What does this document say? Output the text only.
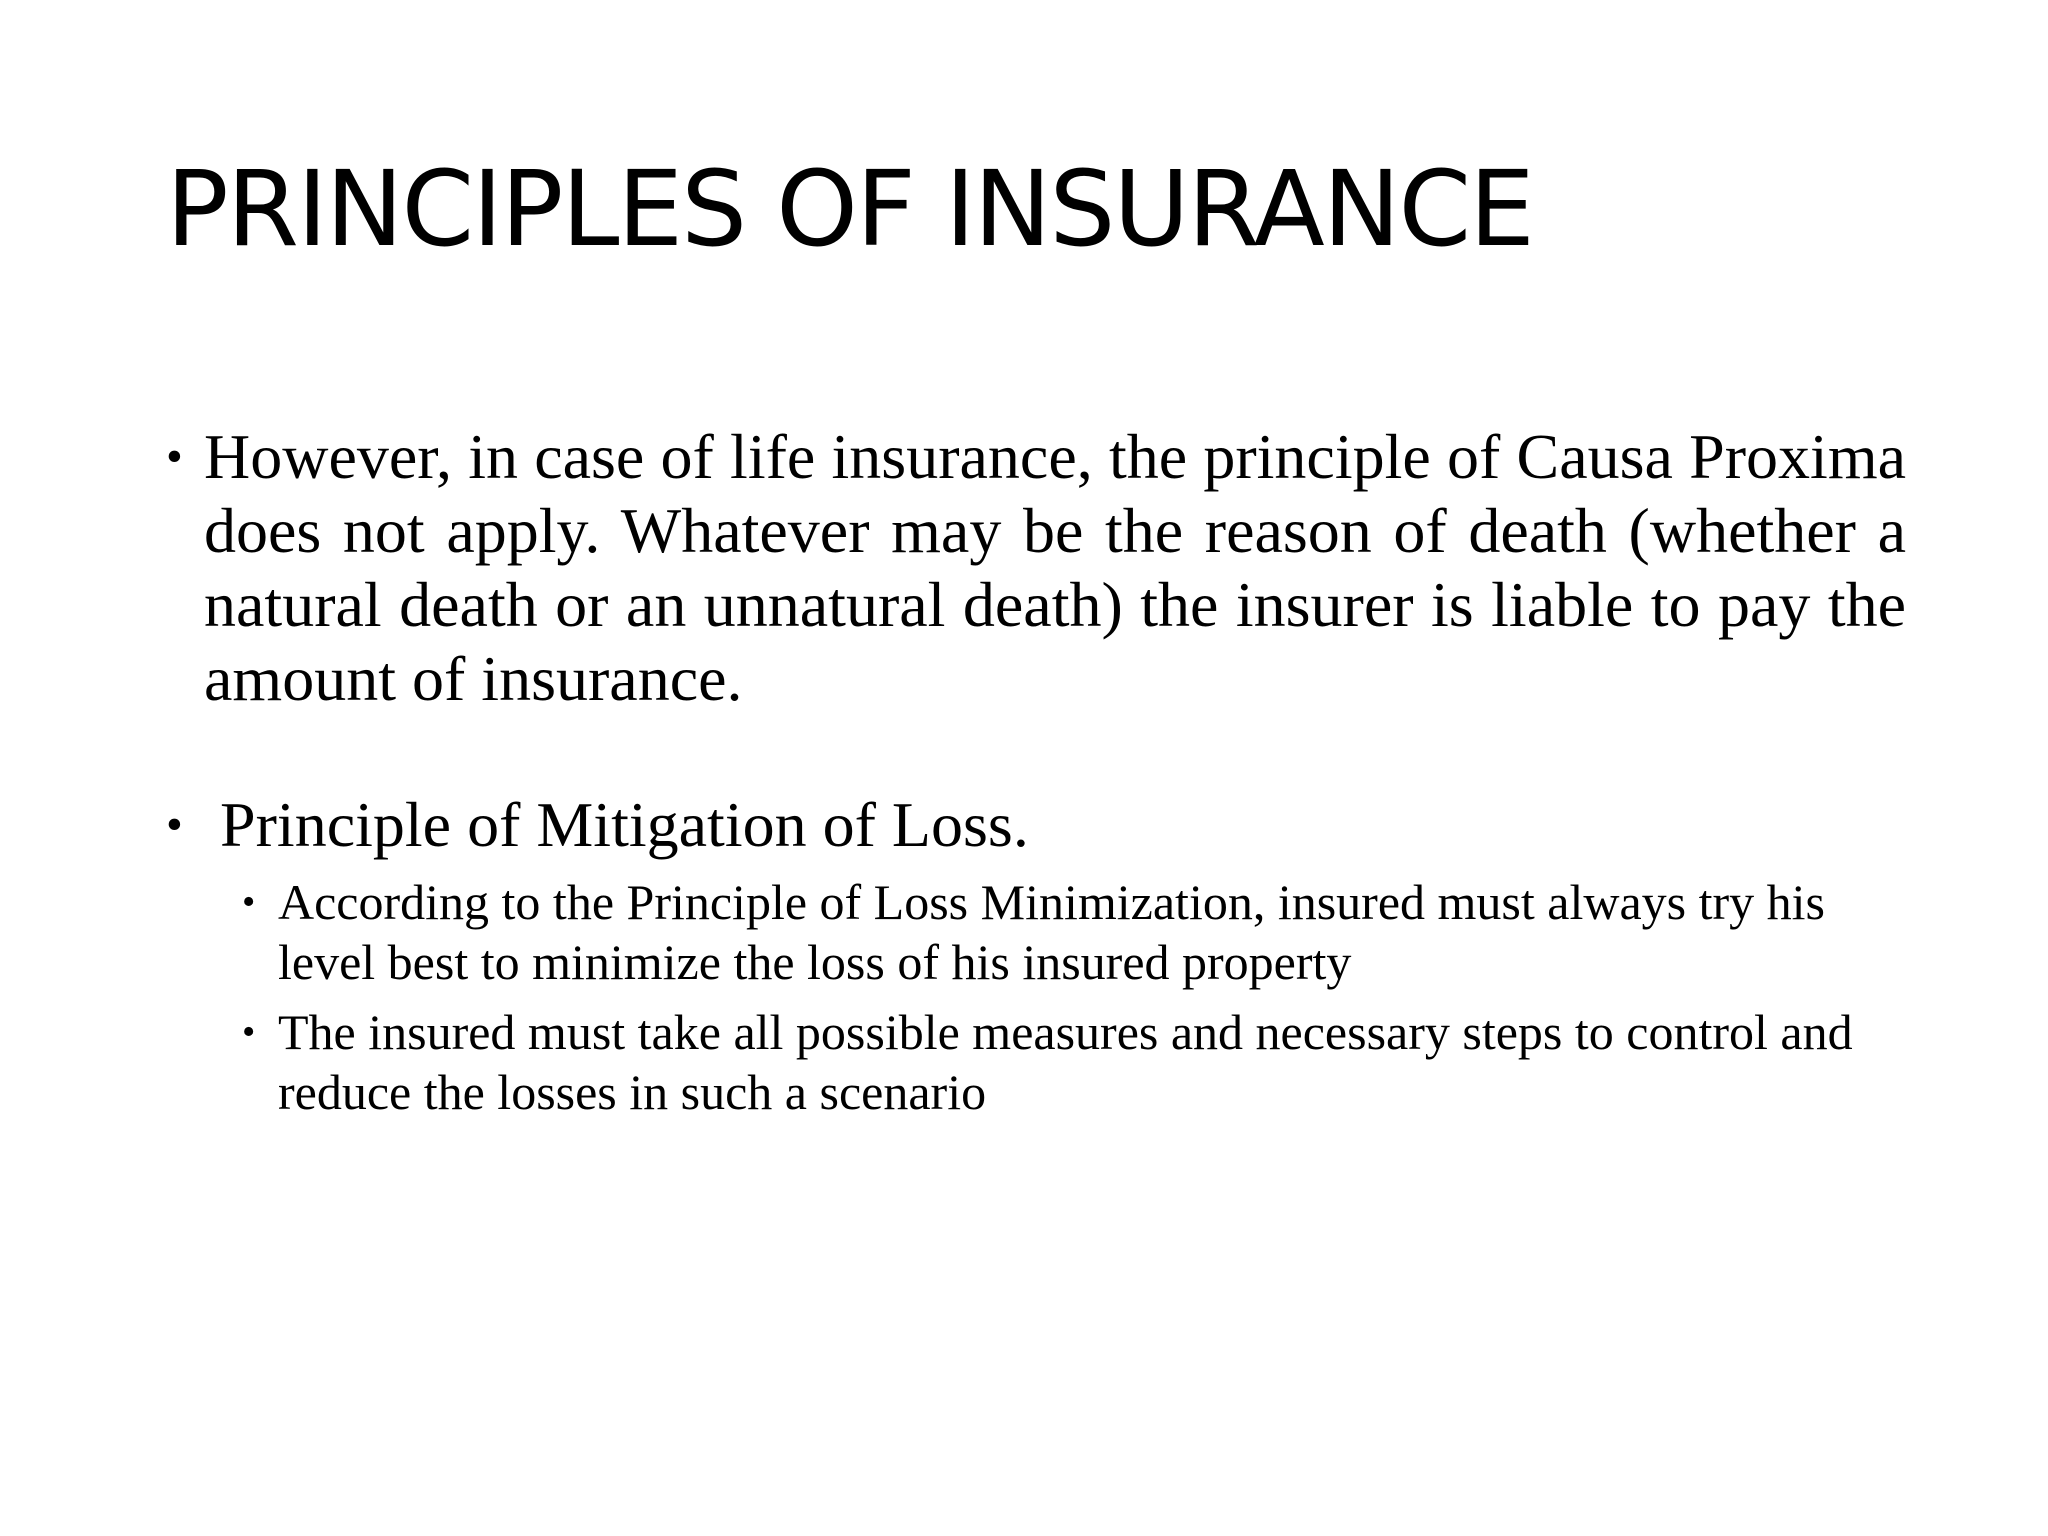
PRINCIPLES OF INSURANCE
• However, in case of life insurance, the principle of Causa Proxima does not apply. Whatever may be the reason of death (whether a natural death or an unnatural death) the insurer is liable to pay the amount of insurance.
• Principle of Mitigation of Loss.
• According to the Principle of Loss Minimization, insured must always try his level best to minimize the loss of his insured property
• The insured must take all possible measures and necessary steps to control and reduce the losses in such a scenario
